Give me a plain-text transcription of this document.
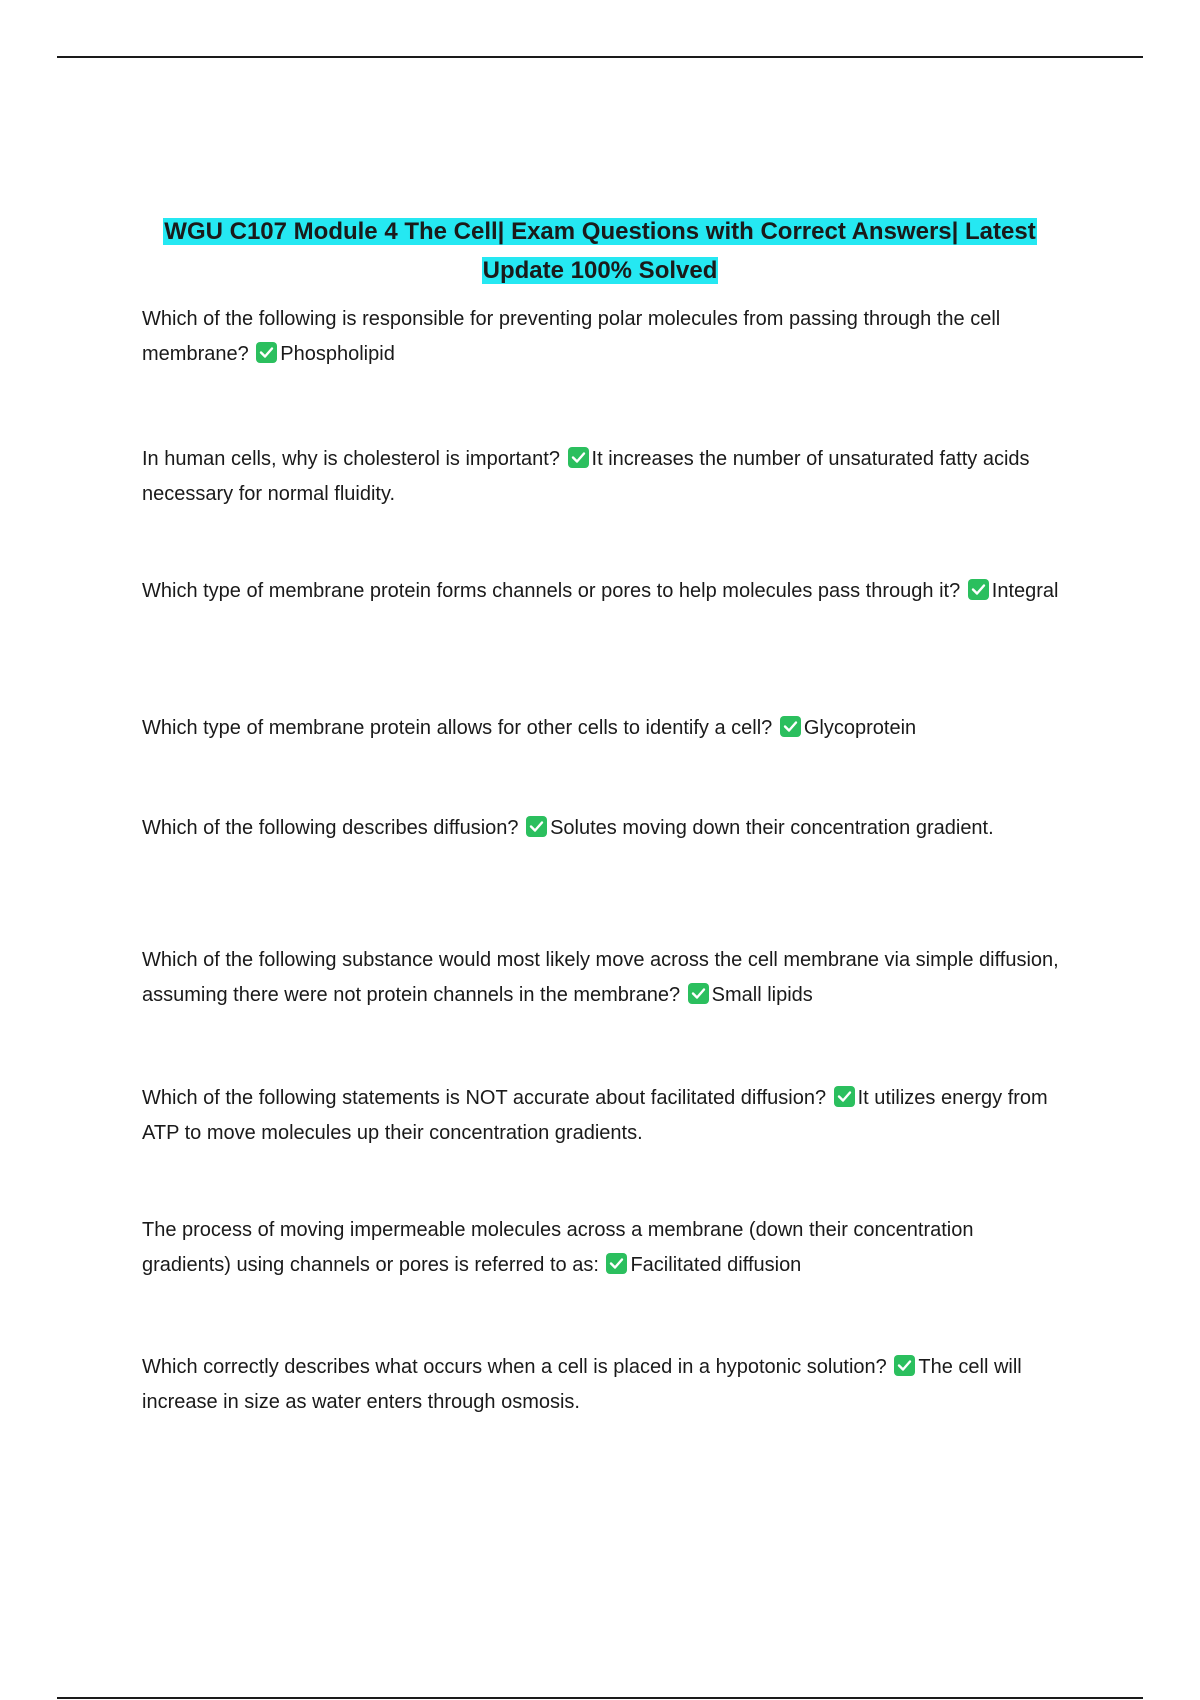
WGU C107 Module 4 The Cell| Exam Questions with Correct Answers| Latest Update 100% Solved

Which of the following is responsible for preventing polar molecules from passing through the cell membrane? Phospholipid

In human cells, why is cholesterol is important? It increases the number of unsaturated fatty acids necessary for normal fluidity.

Which type of membrane protein forms channels or pores to help molecules pass through it? Integral

Which type of membrane protein allows for other cells to identify a cell? Glycoprotein

Which of the following describes diffusion? Solutes moving down their concentration gradient.

Which of the following substance would most likely move across the cell membrane via simple diffusion, assuming there were not protein channels in the membrane? Small lipids

Which of the following statements is NOT accurate about facilitated diffusion? It utilizes energy from ATP to move molecules up their concentration gradients.

The process of moving impermeable molecules across a membrane (down their concentration gradients) using channels or pores is referred to as: Facilitated diffusion

Which correctly describes what occurs when a cell is placed in a hypotonic solution? The cell will increase in size as water enters through osmosis.
